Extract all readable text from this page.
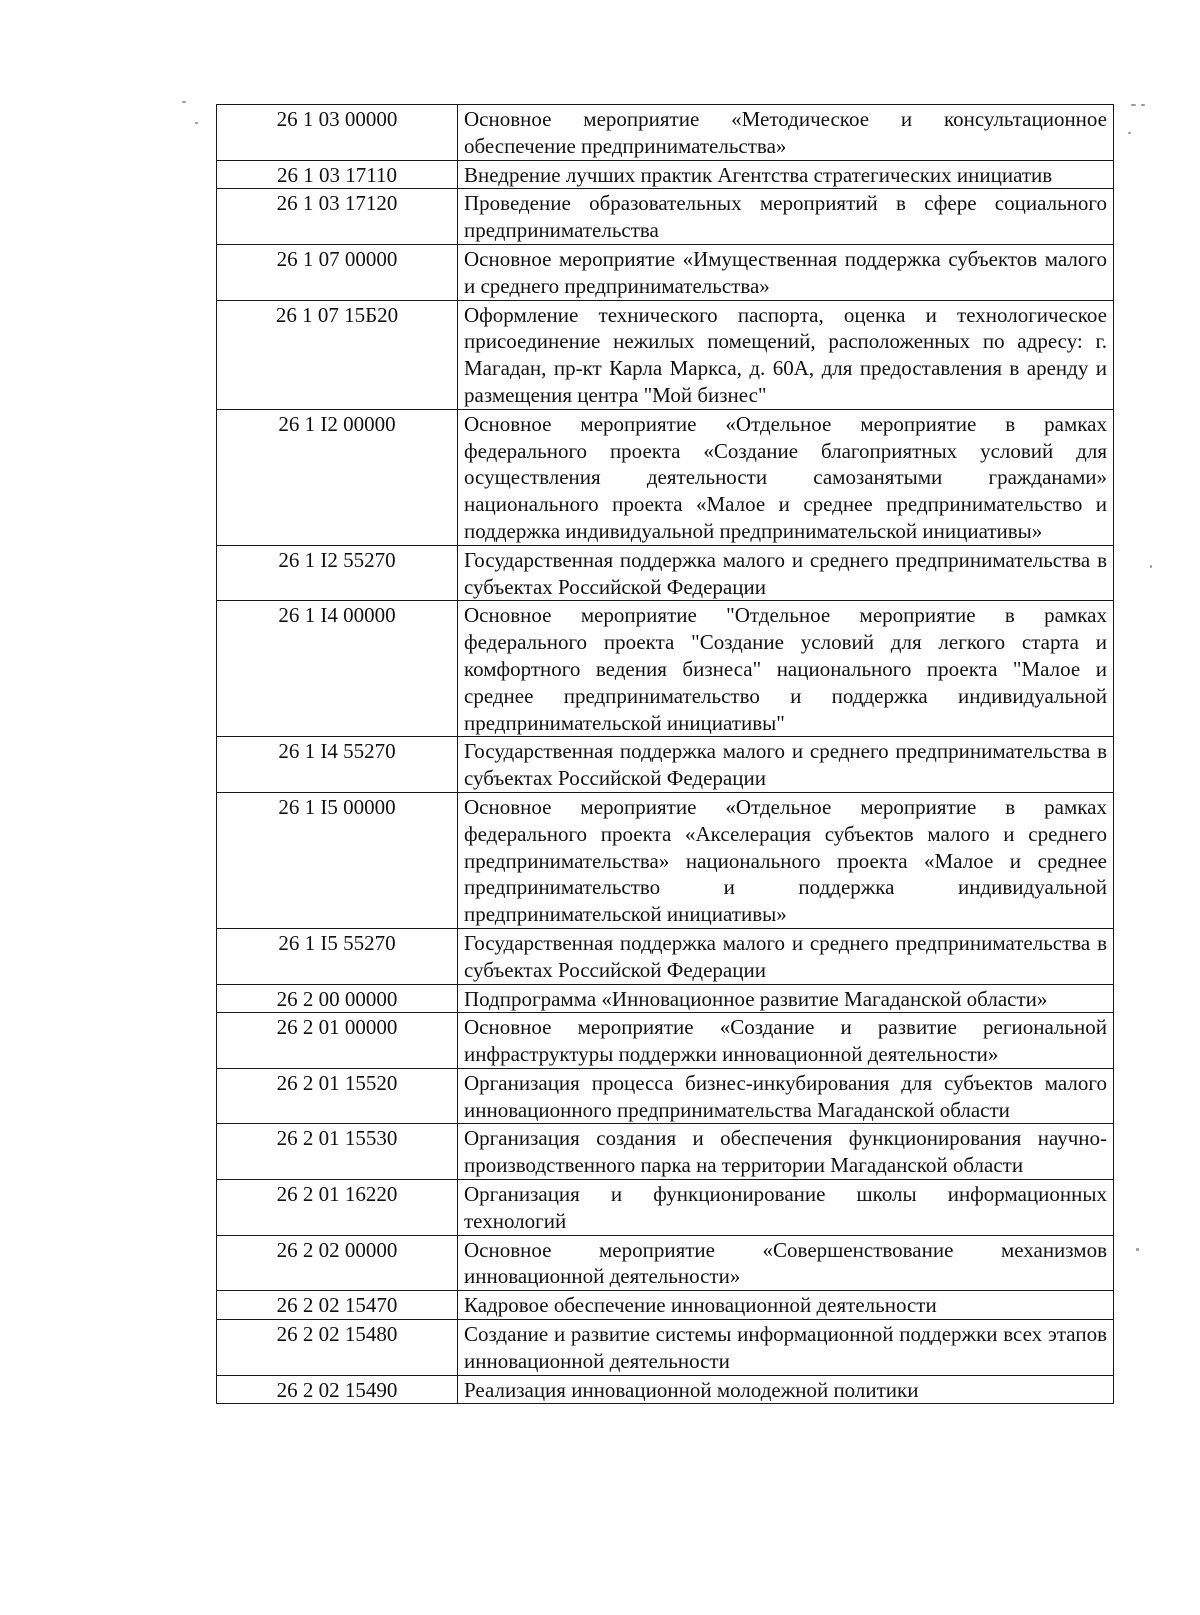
26 1 03 00000	Основное мероприятие «Методическое и консультационное обеспечение предпринимательства»
26 1 03 17110	Внедрение лучших практик Агентства стратегических инициатив
26 1 03 17120	Проведение образовательных мероприятий в сфере социального предпринимательства
26 1 07 00000	Основное мероприятие «Имущественная поддержка субъектов малого и среднего предпринимательства»
26 1 07 15Б20	Оформление технического паспорта, оценка и технологическое присоединение нежилых помещений, расположенных по адресу: г. Магадан, пр-кт Карла Маркса, д. 60А, для предоставления в аренду и размещения центра "Мой бизнес"
26 1 I2 00000	Основное мероприятие «Отдельное мероприятие в рамках федерального проекта «Создание благоприятных условий для осуществления деятельности самозанятыми гражданами» национального проекта «Малое и среднее предпринимательство и поддержка индивидуальной предпринимательской инициативы»
26 1 I2 55270	Государственная поддержка малого и среднего предпринимательства в субъектах Российской Федерации
26 1 I4 00000	Основное мероприятие "Отдельное мероприятие в рамках федерального проекта "Создание условий для легкого старта и комфортного ведения бизнеса" национального проекта "Малое и среднее предпринимательство и поддержка индивидуальной предпринимательской инициативы"
26 1 I4 55270	Государственная поддержка малого и среднего предпринимательства в субъектах Российской Федерации
26 1 I5 00000	Основное мероприятие «Отдельное мероприятие в рамках федерального проекта «Акселерация субъектов малого и среднего предпринимательства» национального проекта «Малое и среднее предпринимательство и поддержка индивидуальной предпринимательской инициативы»
26 1 I5 55270	Государственная поддержка малого и среднего предпринимательства в субъектах Российской Федерации
26 2 00 00000	Подпрограмма «Инновационное развитие Магаданской области»
26 2 01 00000	Основное мероприятие «Создание и развитие региональной инфраструктуры поддержки инновационной деятельности»
26 2 01 15520	Организация процесса бизнес-инкубирования для субъектов малого инновационного предпринимательства Магаданской области
26 2 01 15530	Организация создания и обеспечения функционирования научно-производственного парка на территории Магаданской области
26 2 01 16220	Организация и функционирование школы информационных технологий
26 2 02 00000	Основное мероприятие «Совершенствование механизмов инновационной деятельности»
26 2 02 15470	Кадровое обеспечение инновационной деятельности
26 2 02 15480	Создание и развитие системы информационной поддержки всех этапов инновационной деятельности
26 2 02 15490	Реализация инновационной молодежной политики
